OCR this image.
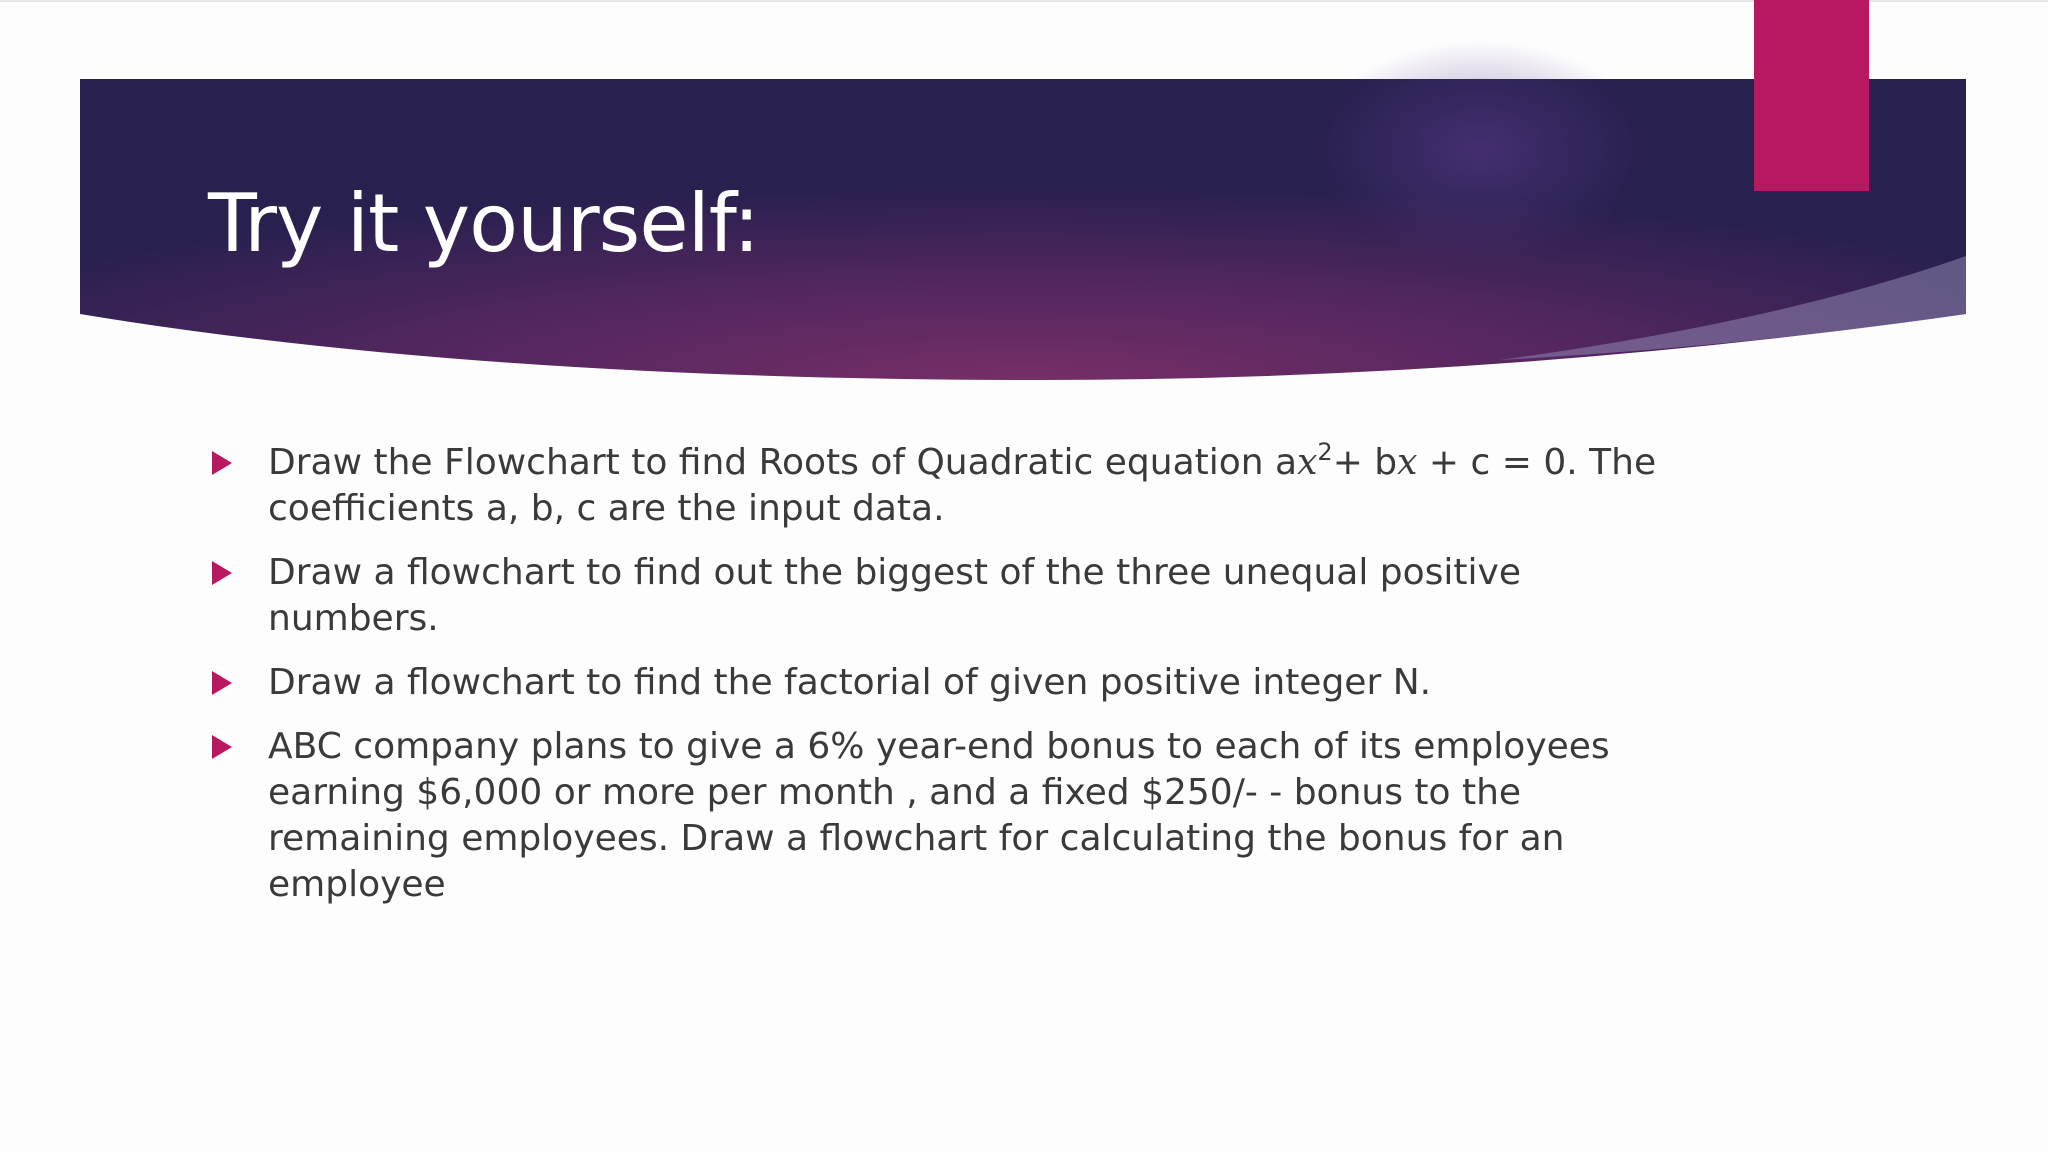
Try it yourself:
Draw the Flowchart to find Roots of Quadratic equation $ax^2+$ bx + c = 0. The coefficients a, b, c are the input data.
Draw a flowchart to find out the biggest of the three unequal positive numbers.
Draw a flowchart to find the factorial of given positive integer N.
ABC company plans to give a 6% year-end bonus to each of its employees earning $6,000 or more per month , and a fixed $250/- - bonus to the remaining employees. Draw a flowchart for calculating the bonus for an employee
